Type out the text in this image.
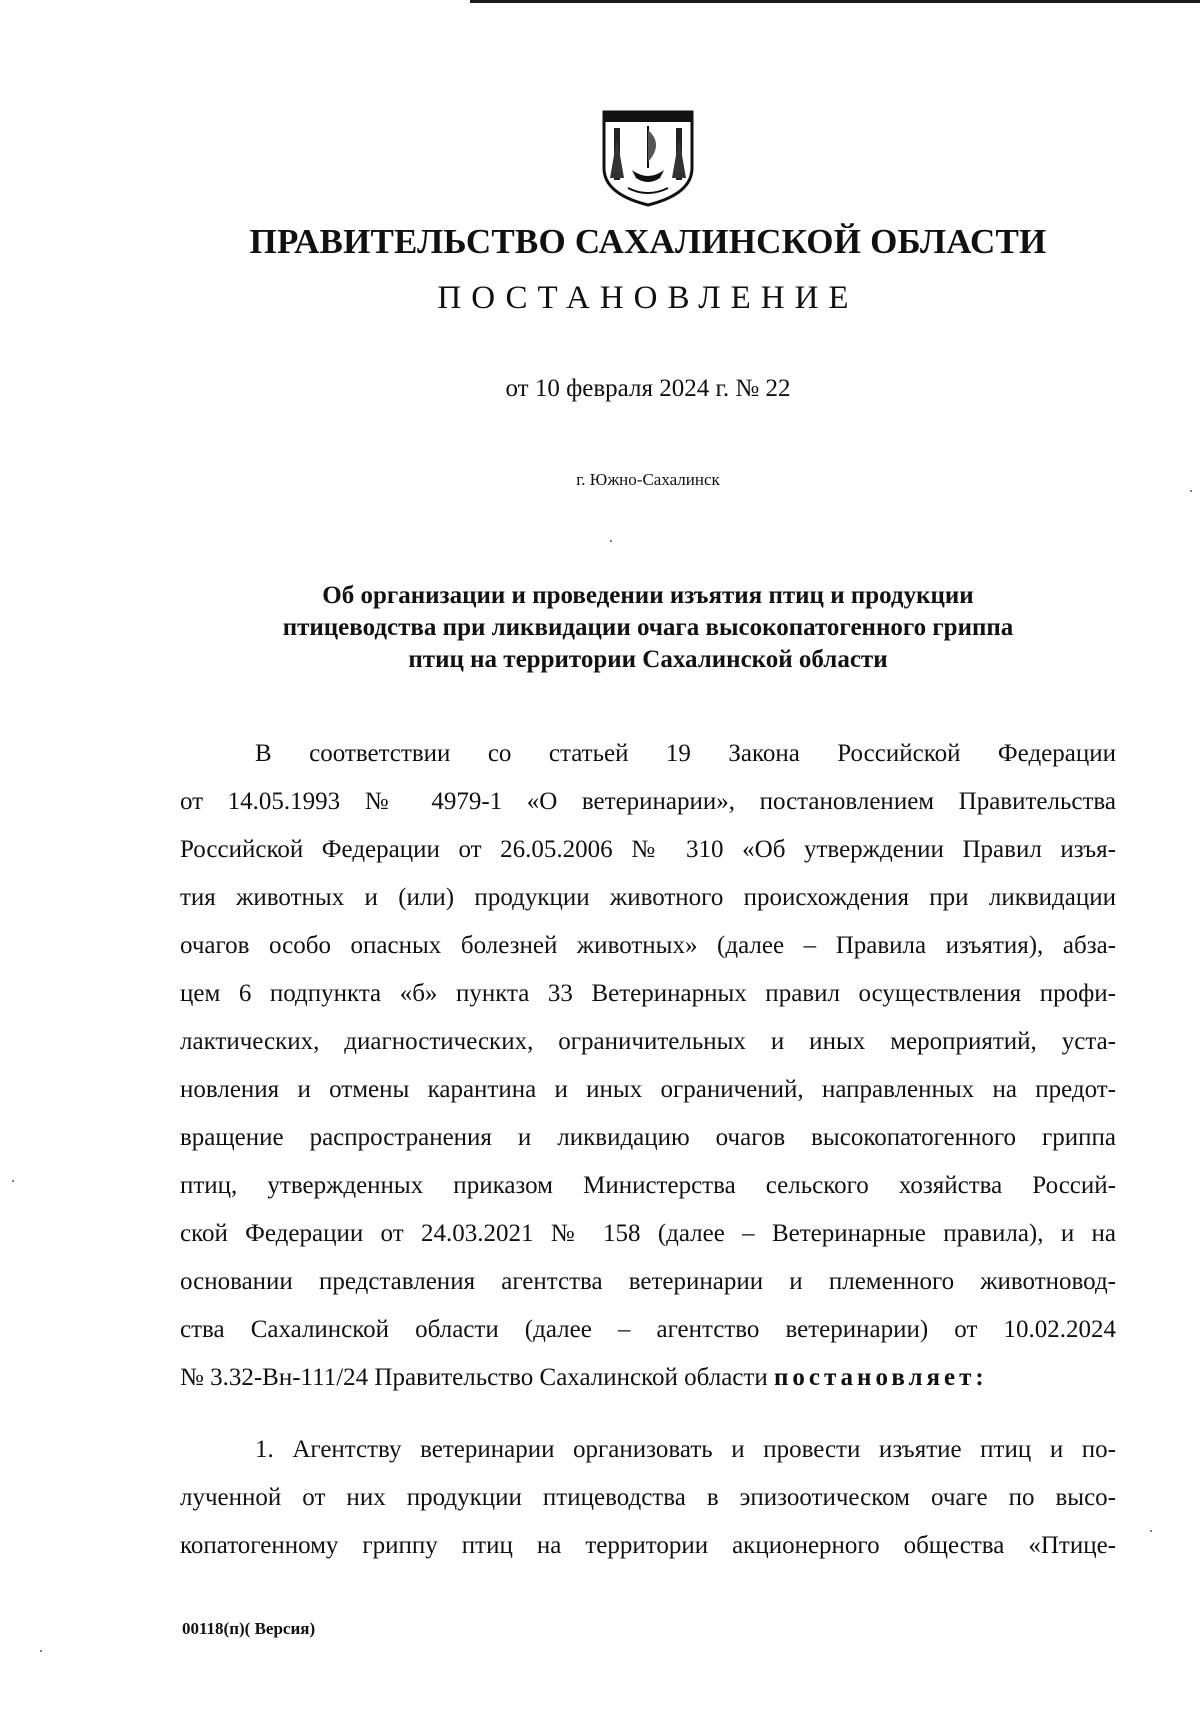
ПРАВИТЕЛЬСТВО САХАЛИНСКОЙ ОБЛАСТИ
ПОСТАНОВЛЕНИЕ
от 10 февраля 2024 г. № 22
г. Южно-Сахалинск
Об организации и проведении изъятия птиц и продукции
птицеводства при ликвидации очага высокопатогенного гриппа
птиц на территории Сахалинской области
В соответствии со статьей 19 Закона Российской Федерации
от 14.05.1993 № 4979-1 «О ветеринарии», постановлением Правительства
Российской Федерации от 26.05.2006 № 310 «Об утверждении Правил изъя-
тия животных и (или) продукции животного происхождения при ликвидации
очагов особо опасных болезней животных» (далее – Правила изъятия), абза-
цем 6 подпункта «б» пункта 33 Ветеринарных правил осуществления профи-
лактических, диагностических, ограничительных и иных мероприятий, уста-
новления и отмены карантина и иных ограничений, направленных на предот-
вращение распространения и ликвидацию очагов высокопатогенного гриппа
птиц, утвержденных приказом Министерства сельского хозяйства Россий-
ской Федерации от 24.03.2021 № 158 (далее – Ветеринарные правила), и на
основании представления агентства ветеринарии и племенного животновод-
ства Сахалинской области (далее – агентство ветеринарии) от 10.02.2024
№ 3.32-Вн-111/24 Правительство Сахалинской области постановляет:
1. Агентству ветеринарии организовать и провести изъятие птиц и по-
лученной от них продукции птицеводства в эпизоотическом очаге по высо-
копатогенному гриппу птиц на территории акционерного общества «Птице-
00118(п)( Версия)
